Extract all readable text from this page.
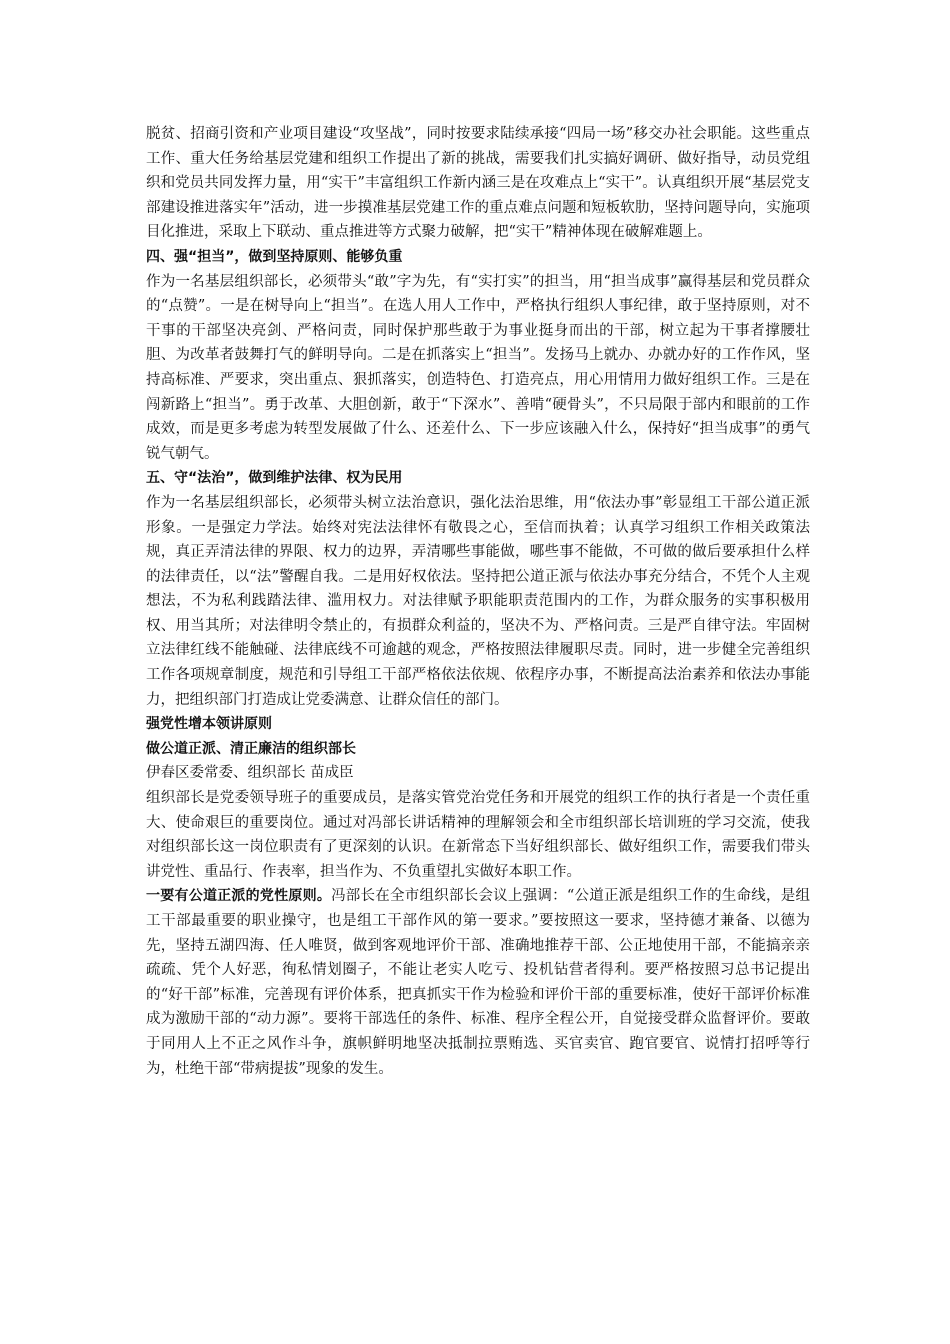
脱贫、招商引资和产业项目建设“攻坚战”，同时按要求陆续承接“四局一场”移交办社会职能。这些重点工作、重大任务给基层党建和组织工作提出了新的挑战，需要我们扎实搞好调研、做好指导，动员党组织和党员共同发挥力量，用“实干”丰富组织工作新内涵三是在攻难点上“实干”。认真组织开展“基层党支部建设推进落实年”活动，进一步摸准基层党建工作的重点难点问题和短板软肋，坚持问题导向，实施项目化推进，采取上下联动、重点推进等方式聚力破解，把“实干”精神体现在破解难题上。

四、强“担当”，做到坚持原则、能够负重

作为一名基层组织部长，必须带头“敢”字为先，有“实打实”的担当，用“担当成事”赢得基层和党员群众的“点赞”。一是在树导向上“担当”。在选人用人工作中，严格执行组织人事纪律，敢于坚持原则，对不干事的干部坚决亮剑、严格问责，同时保护那些敢于为事业挺身而出的干部，树立起为干事者撑腰壮胆、为改革者鼓舞打气的鲜明导向。二是在抓落实上“担当”。发扬马上就办、办就办好的工作作风，坚持高标准、严要求，突出重点、狠抓落实，创造特色、打造亮点，用心用情用力做好组织工作。三是在闯新路上“担当”。勇于改革、大胆创新，敢于“下深水”、善啃“硬骨头”，不只局限于部内和眼前的工作成效，而是更多考虑为转型发展做了什么、还差什么、下一步应该融入什么，保持好“担当成事”的勇气锐气朝气。

五、守“法治”，做到维护法律、权为民用

作为一名基层组织部长，必须带头树立法治意识，强化法治思维，用“依法办事”彰显组工干部公道正派形象。一是强定力学法。始终对宪法法律怀有敬畏之心，至信而执着；认真学习组织工作相关政策法规，真正弄清法律的界限、权力的边界，弄清哪些事能做，哪些事不能做，不可做的做后要承担什么样的法律责任，以“法”警醒自我。二是用好权依法。坚持把公道正派与依法办事充分结合，不凭个人主观想法，不为私利践踏法律、滥用权力。对法律赋予职能职责范围内的工作，为群众服务的实事积极用权、用当其所；对法律明令禁止的，有损群众利益的，坚决不为、严格问责。三是严自律守法。牢固树立法律红线不能触碰、法律底线不可逾越的观念，严格按照法律履职尽责。同时，进一步健全完善组织工作各项规章制度，规范和引导组工干部严格依法依规、依程序办事，不断提高法治素养和依法办事能力，把组织部门打造成让党委满意、让群众信任的部门。

强党性增本领讲原则

做公道正派、清正廉洁的组织部长

伊春区委常委、组织部长 苗成臣

组织部长是党委领导班子的重要成员，是落实管党治党任务和开展党的组织工作的执行者是一个责任重大、使命艰巨的重要岗位。通过对冯部长讲话精神的理解领会和全市组织部长培训班的学习交流，使我对组织部长这一岗位职责有了更深刻的认识。在新常态下当好组织部长、做好组织工作，需要我们带头讲党性、重品行、作表率，担当作为、不负重望扎实做好本职工作。

一要有公道正派的党性原则。冯部长在全市组织部长会议上强调：“公道正派是组织工作的生命线，是组工干部最重要的职业操守，也是组工干部作风的第一要求。”要按照这一要求，坚持德才兼备、以德为先，坚持五湖四海、任人唯贤，做到客观地评价干部、准确地推荐干部、公正地使用干部，不能搞亲亲疏疏、凭个人好恶，徇私情划圈子，不能让老实人吃亏、投机钻营者得利。要严格按照习总书记提出的“好干部”标准，完善现有评价体系，把真抓实干作为检验和评价干部的重要标准，使好干部评价标准成为激励干部的“动力源”。要将干部选任的条件、标准、程序全程公开，自觉接受群众监督评价。要敢于同用人上不正之风作斗争，旗帜鲜明地坚决抵制拉票贿选、买官卖官、跑官要官、说情打招呼等行为，杜绝干部“带病提拔”现象的发生。
